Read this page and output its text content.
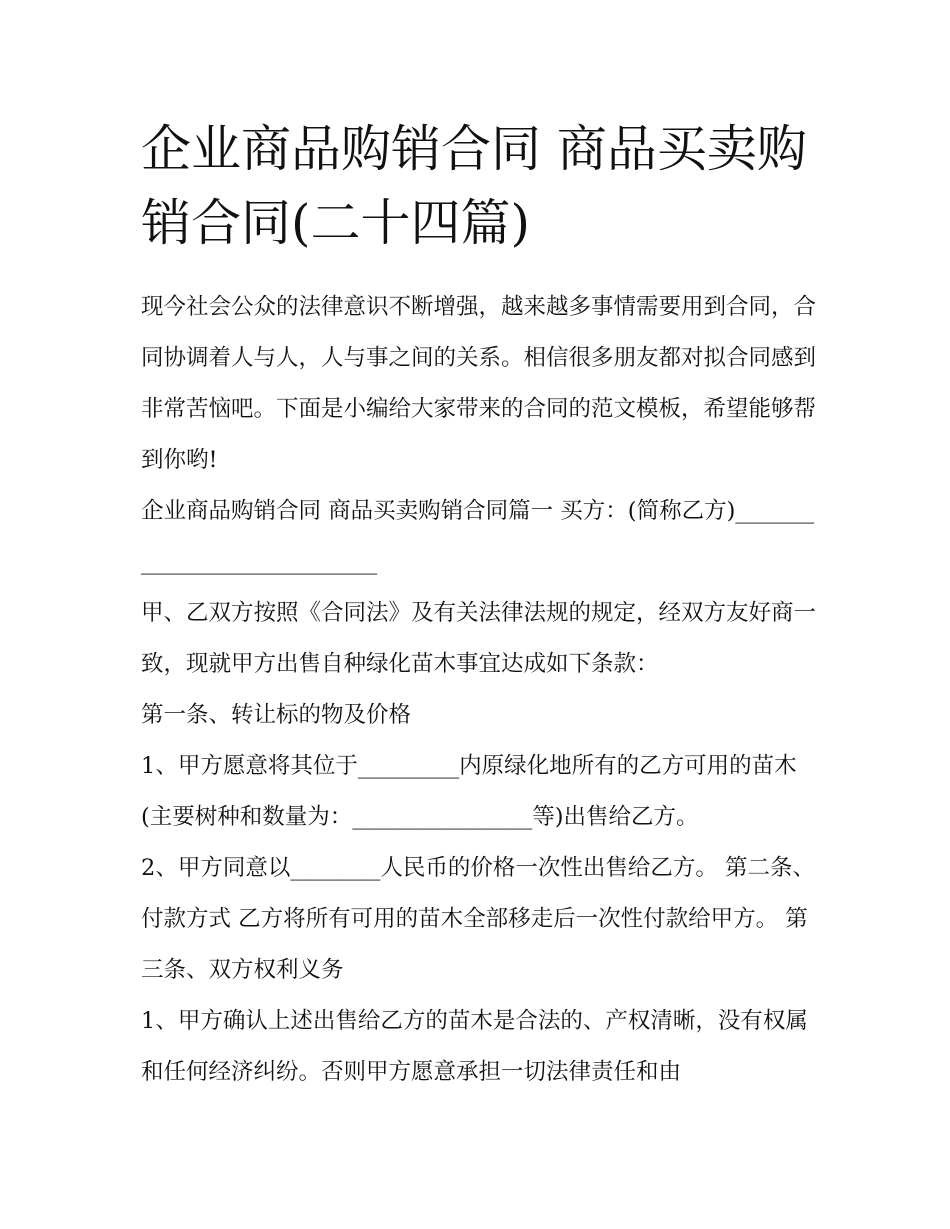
企业商品购销合同 商品买卖购销合同(二十四篇)

现今社会公众的法律意识不断增强，越来越多事情需要用到合同，合同协调着人与人，人与事之间的关系。相信很多朋友都对拟合同感到非常苦恼吧。下面是小编给大家带来的合同的范文模板，希望能够帮到你哟!

企业商品购销合同 商品买卖购销合同篇一 买方：(简称乙方)____________________________

甲、乙双方按照《合同法》及有关法律法规的规定，经双方友好商一致，现就甲方出售自种绿化苗木事宜达成如下条款：

第一条、转让标的物及价格

1、甲方愿意将其位于_________内原绿化地所有的乙方可用的苗木(主要树种和数量为：________________等)出售给乙方。

2、甲方同意以________人民币的价格一次性出售给乙方。 第二条、付款方式 乙方将所有可用的苗木全部移走后一次性付款给甲方。 第三条、双方权利义务

1、甲方确认上述出售给乙方的苗木是合法的、产权清晰，没有权属和任何经济纠纷。否则甲方愿意承担一切法律责任和由
